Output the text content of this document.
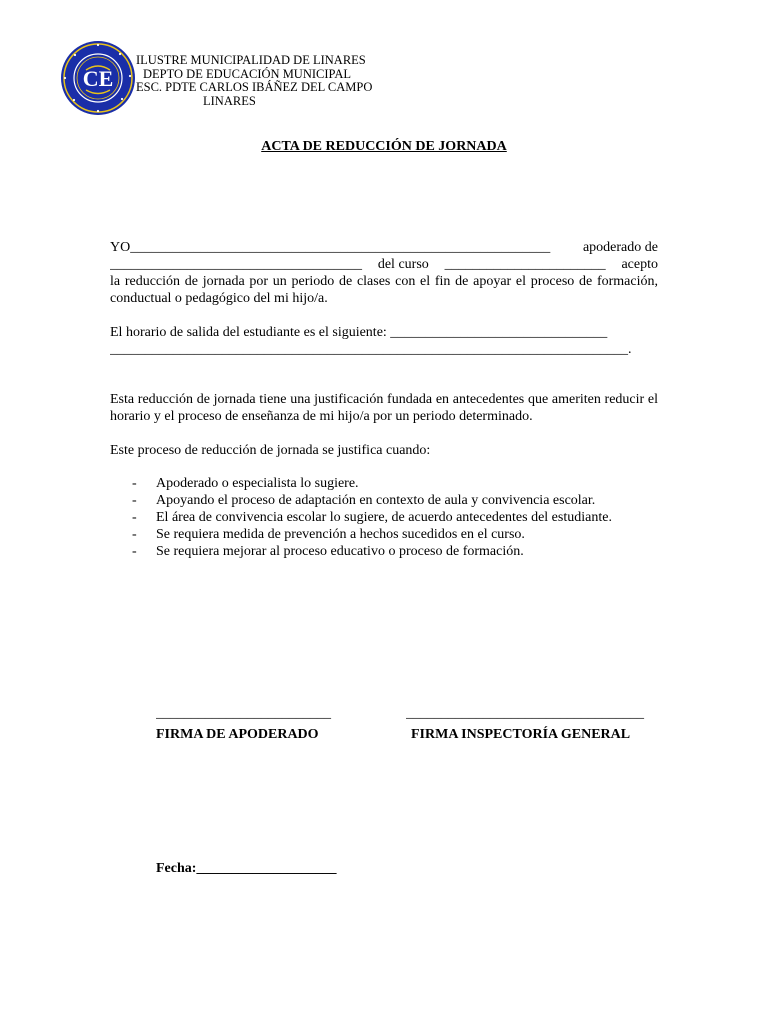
CE
ILUSTRE MUNICIPALIDAD DE LINARES
DEPTO DE EDUCACIÓN MUNICIPAL
ESC. PDTE CARLOS IBÁÑEZ DEL CAMPO
LINARES
ACTA DE REDUCCIÓN DE JORNADA
YO____________________________________________________________ apoderado de
____________________________________ del curso _______________________ acepto
la reducción de jornada por un periodo de clases con el fin de apoyar el proceso de formación, conductual o pedagógico del mi hijo/a.
El horario de salida del estudiante es el siguiente: _______________________________
__________________________________________________________________________.
Esta reducción de jornada tiene una justificación fundada en antecedentes que ameriten reducir el horario y el proceso de enseñanza de mi hijo/a por un periodo determinado.
Este proceso de reducción de jornada se justifica cuando:
- Apoderado o especialista lo sugiere.
- Apoyando el proceso de adaptación en contexto de aula y convivencia escolar.
- El área de convivencia escolar lo sugiere, de acuerdo antecedentes del estudiante.
- Se requiera medida de prevención a hechos sucedidos en el curso.
- Se requiera mejorar al proceso educativo o proceso de formación.
_________________________	__________________________________
FIRMA DE APODERADO	FIRMA INSPECTORÍA GENERAL
Fecha:____________________
